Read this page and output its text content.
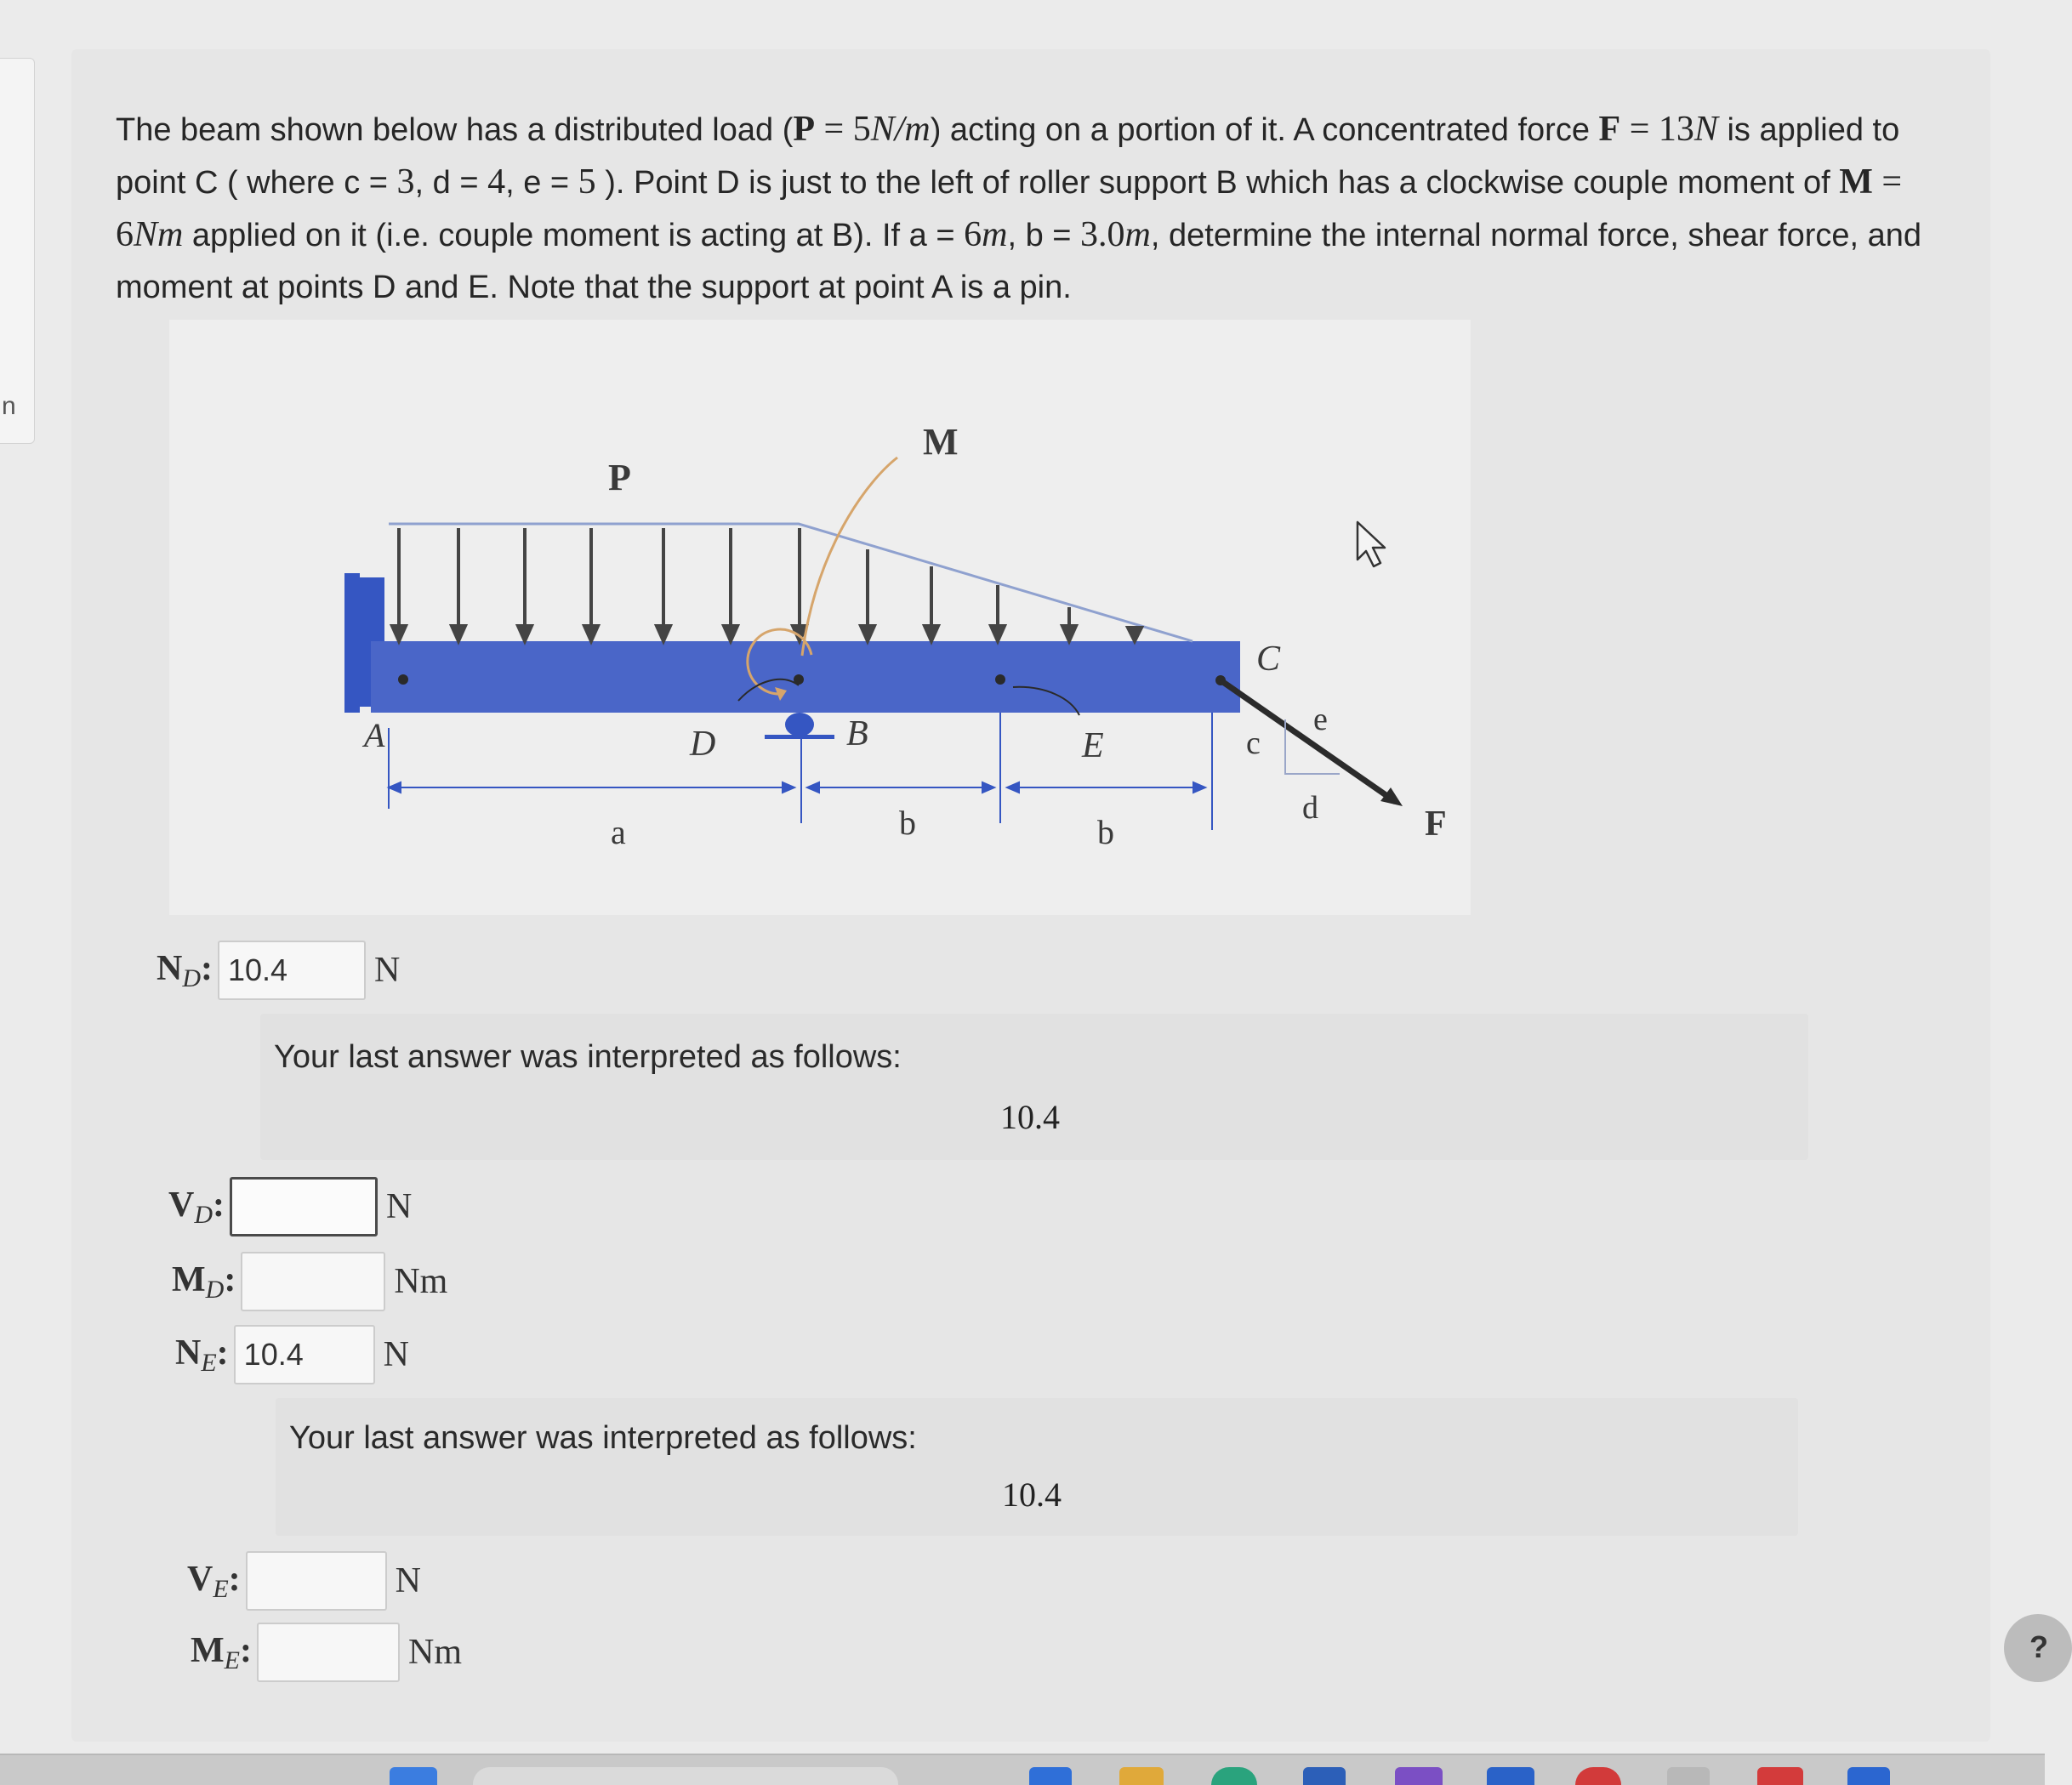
n
The beam shown below has a distributed load (P = 5N/m) acting on a portion of it. A concentrated force F = 13N is applied to point C ( where c = 3, d = 4, e = 5 ). Point D is just to the left of roller support B which has a clockwise couple moment of M = 6Nm applied on it (i.e. couple moment is acting at B). If a = 6m, b = 3.0m, determine the internal normal force, shear force, and moment at points D and E. Note that the support at point A is a pin.
P
M
A	D	B	E
C
a	b	b
c
e
d	F
$N_D$:
10.4	N
Your last answer was interpreted as follows:
10.4
$V_D$:	N
$M_D$:	Nm
$N_E$:
10.4	N
Your last answer was interpreted as follows:
10.4
$V_E$:	N
$M_E$:	Nm	?
